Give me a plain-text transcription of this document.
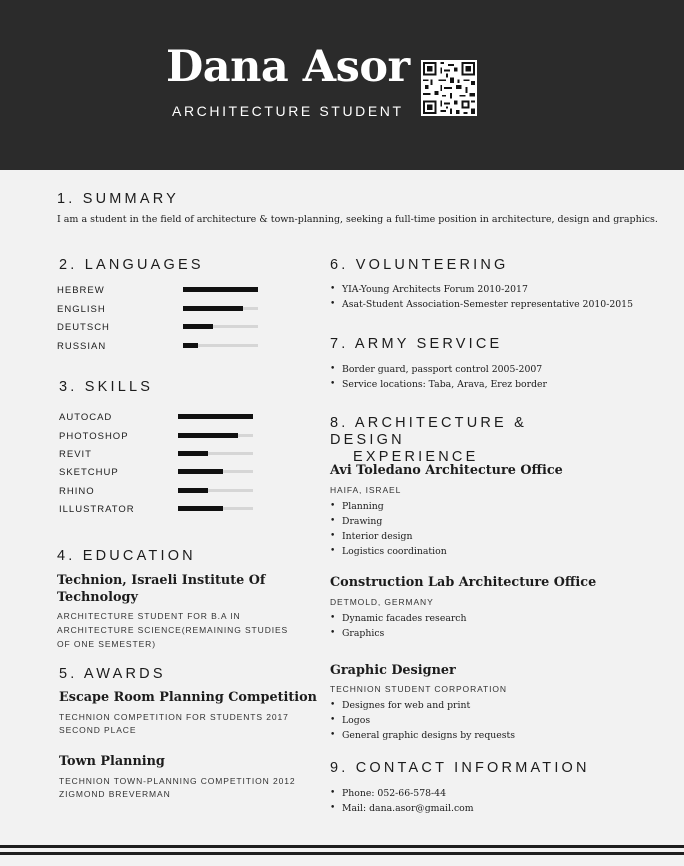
Dana Asor
ARCHITECTURE STUDENT
1. SUMMARY
I am a student in the field of architecture & town-planning, seeking a full-time position in architecture, design and graphics.
2. LANGUAGES
HEBREW
ENGLISH
DEUTSCH
RUSSIAN
3. SKILLS
AUTOCAD
PHOTOSHOP
REVIT
SKETCHUP
RHINO
ILLUSTRATOR
4. EDUCATION
Technion, Israeli Institute Of Technology
ARCHITECTURE STUDENT FOR B.A IN ARCHITECTURE SCIENCE(REMAINING STUDIES OF ONE SEMESTER)
5. AWARDS
Escape Room Planning Competition
TECHNION COMPETITION FOR STUDENTS 2017
SECOND PLACE
Town Planning
TECHNION TOWN-PLANNING COMPETITION 2012
ZIGMOND BREVERMAN
6. VOLUNTEERING
• YIA-Young Architects Forum 2010-2017
• Asat-Student Association-Semester representative 2010-2015
7. ARMY SERVICE
• Border guard, passport control 2005-2007
• Service locations: Taba, Arava, Erez border
8. ARCHITECTURE & DESIGN
EXPERIENCE
Avi Toledano Architecture Office
HAIFA, ISRAEL
• Planning
• Drawing
• Interior design
• Logistics coordination
Construction Lab Architecture Office
DETMOLD, GERMANY
• Dynamic facades research
• Graphics
Graphic Designer
TECHNION STUDENT CORPORATION
• Designes for web and print
• Logos
• General graphic designs by requests
9. CONTACT INFORMATION
• Phone: 052-66-578-44
• Mail: dana.asor@gmail.com
